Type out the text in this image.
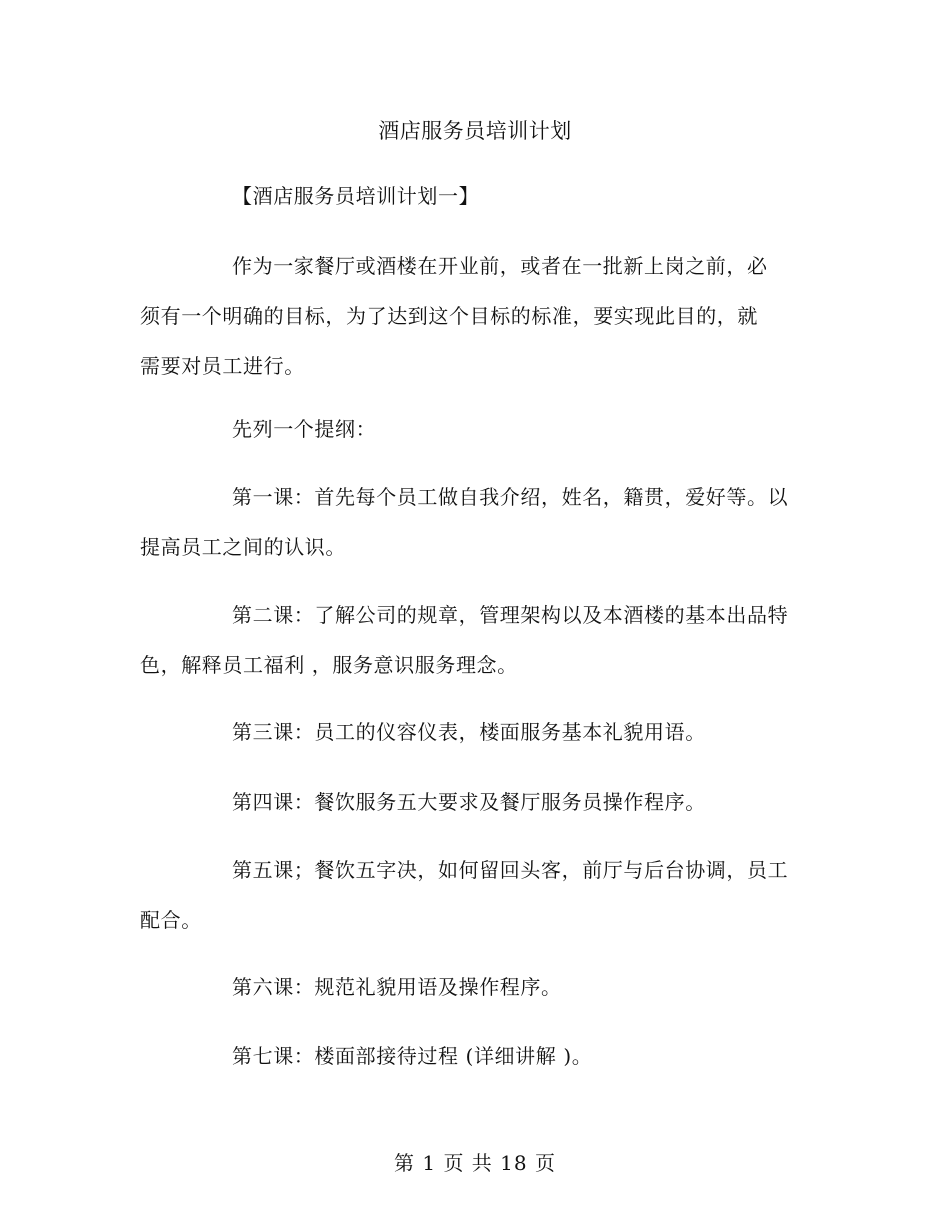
酒店服务员培训计划
【酒店服务员培训计划一】
作为一家餐厅或酒楼在开业前，或者在一批新上岗之前，必
须有一个明确的目标，为了达到这个目标的标准，要实现此目的，就
需要对员工进行。
先列一个提纲：
第一课：首先每个员工做自我介绍，姓名，籍贯，爱好等。以
提高员工之间的认识。
第二课：了解公司的规章，管理架构以及本酒楼的基本出品特
色，解释员工福利 ，服务意识服务理念。
第三课：员工的仪容仪表，楼面服务基本礼貌用语。
第四课：餐饮服务五大要求及餐厅服务员操作程序。
第五课；餐饮五字决，如何留回头客，前厅与后台协调，员工
配合。
第六课：规范礼貌用语及操作程序。
第七课：楼面部接待过程 (详细讲解 )。
第 1 页 共 18 页
